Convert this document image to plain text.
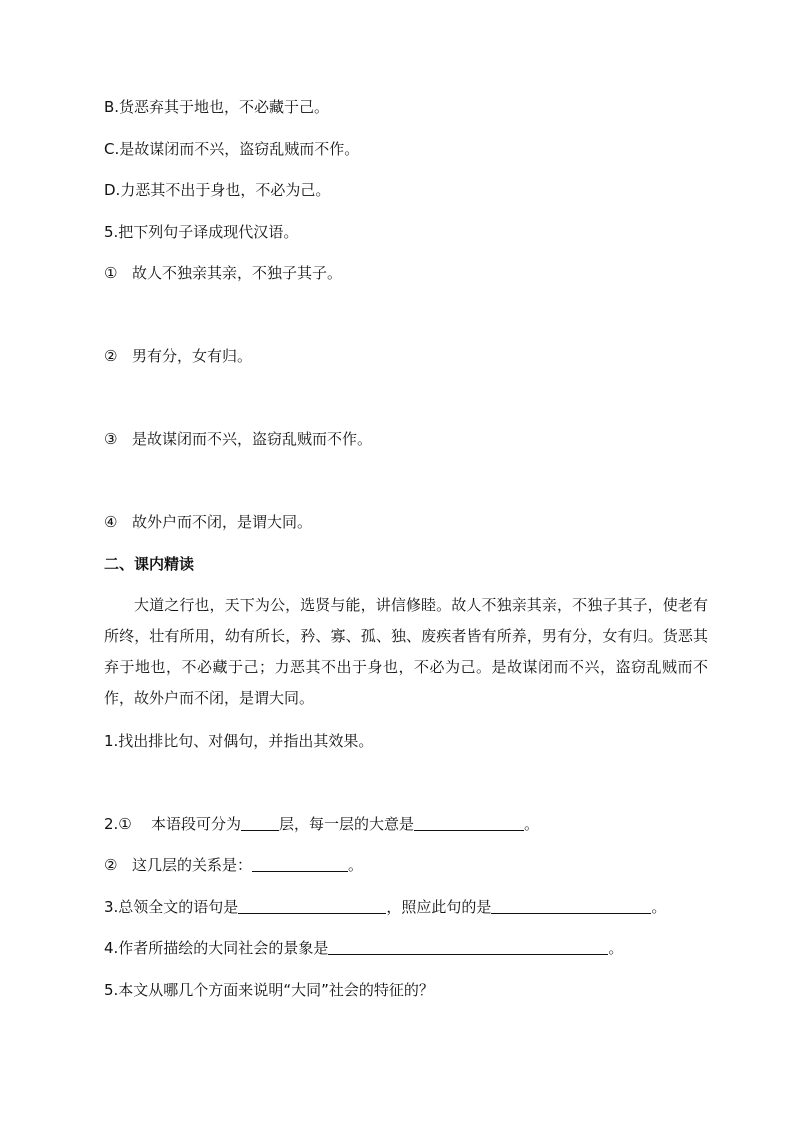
B.货恶弃其于地也，不必藏于己。
C.是故谋闭而不兴，盗窃乱贼而不作。
D.力恶其不出于身也，不必为己。
5.把下列句子译成现代汉语。
① 故人不独亲其亲，不独子其子。
② 男有分，女有归。
③ 是故谋闭而不兴，盗窃乱贼而不作。
④ 故外户而不闭，是谓大同。
二、课内精读
大道之行也，天下为公，选贤与能，讲信修睦。故人不独亲其亲，不独子其子，使老有所终，壮有所用，幼有所长，矜、寡、孤、独、废疾者皆有所养，男有分，女有归。货恶其弃于地也，不必藏于己；力恶其不出于身也，不必为己。是故谋闭而不兴，盗窃乱贼而不作，故外户而不闭，是谓大同。
1.找出排比句、对偶句，并指出其效果。
2.① 本语段可分为	层，每一层的大意是	。
② 这几层的关系是：	。
3.总领全文的语句是	，照应此句的是	。
4.作者所描绘的大同社会的景象是	。
5.本文从哪几个方面来说明“大同”社会的特征的？
